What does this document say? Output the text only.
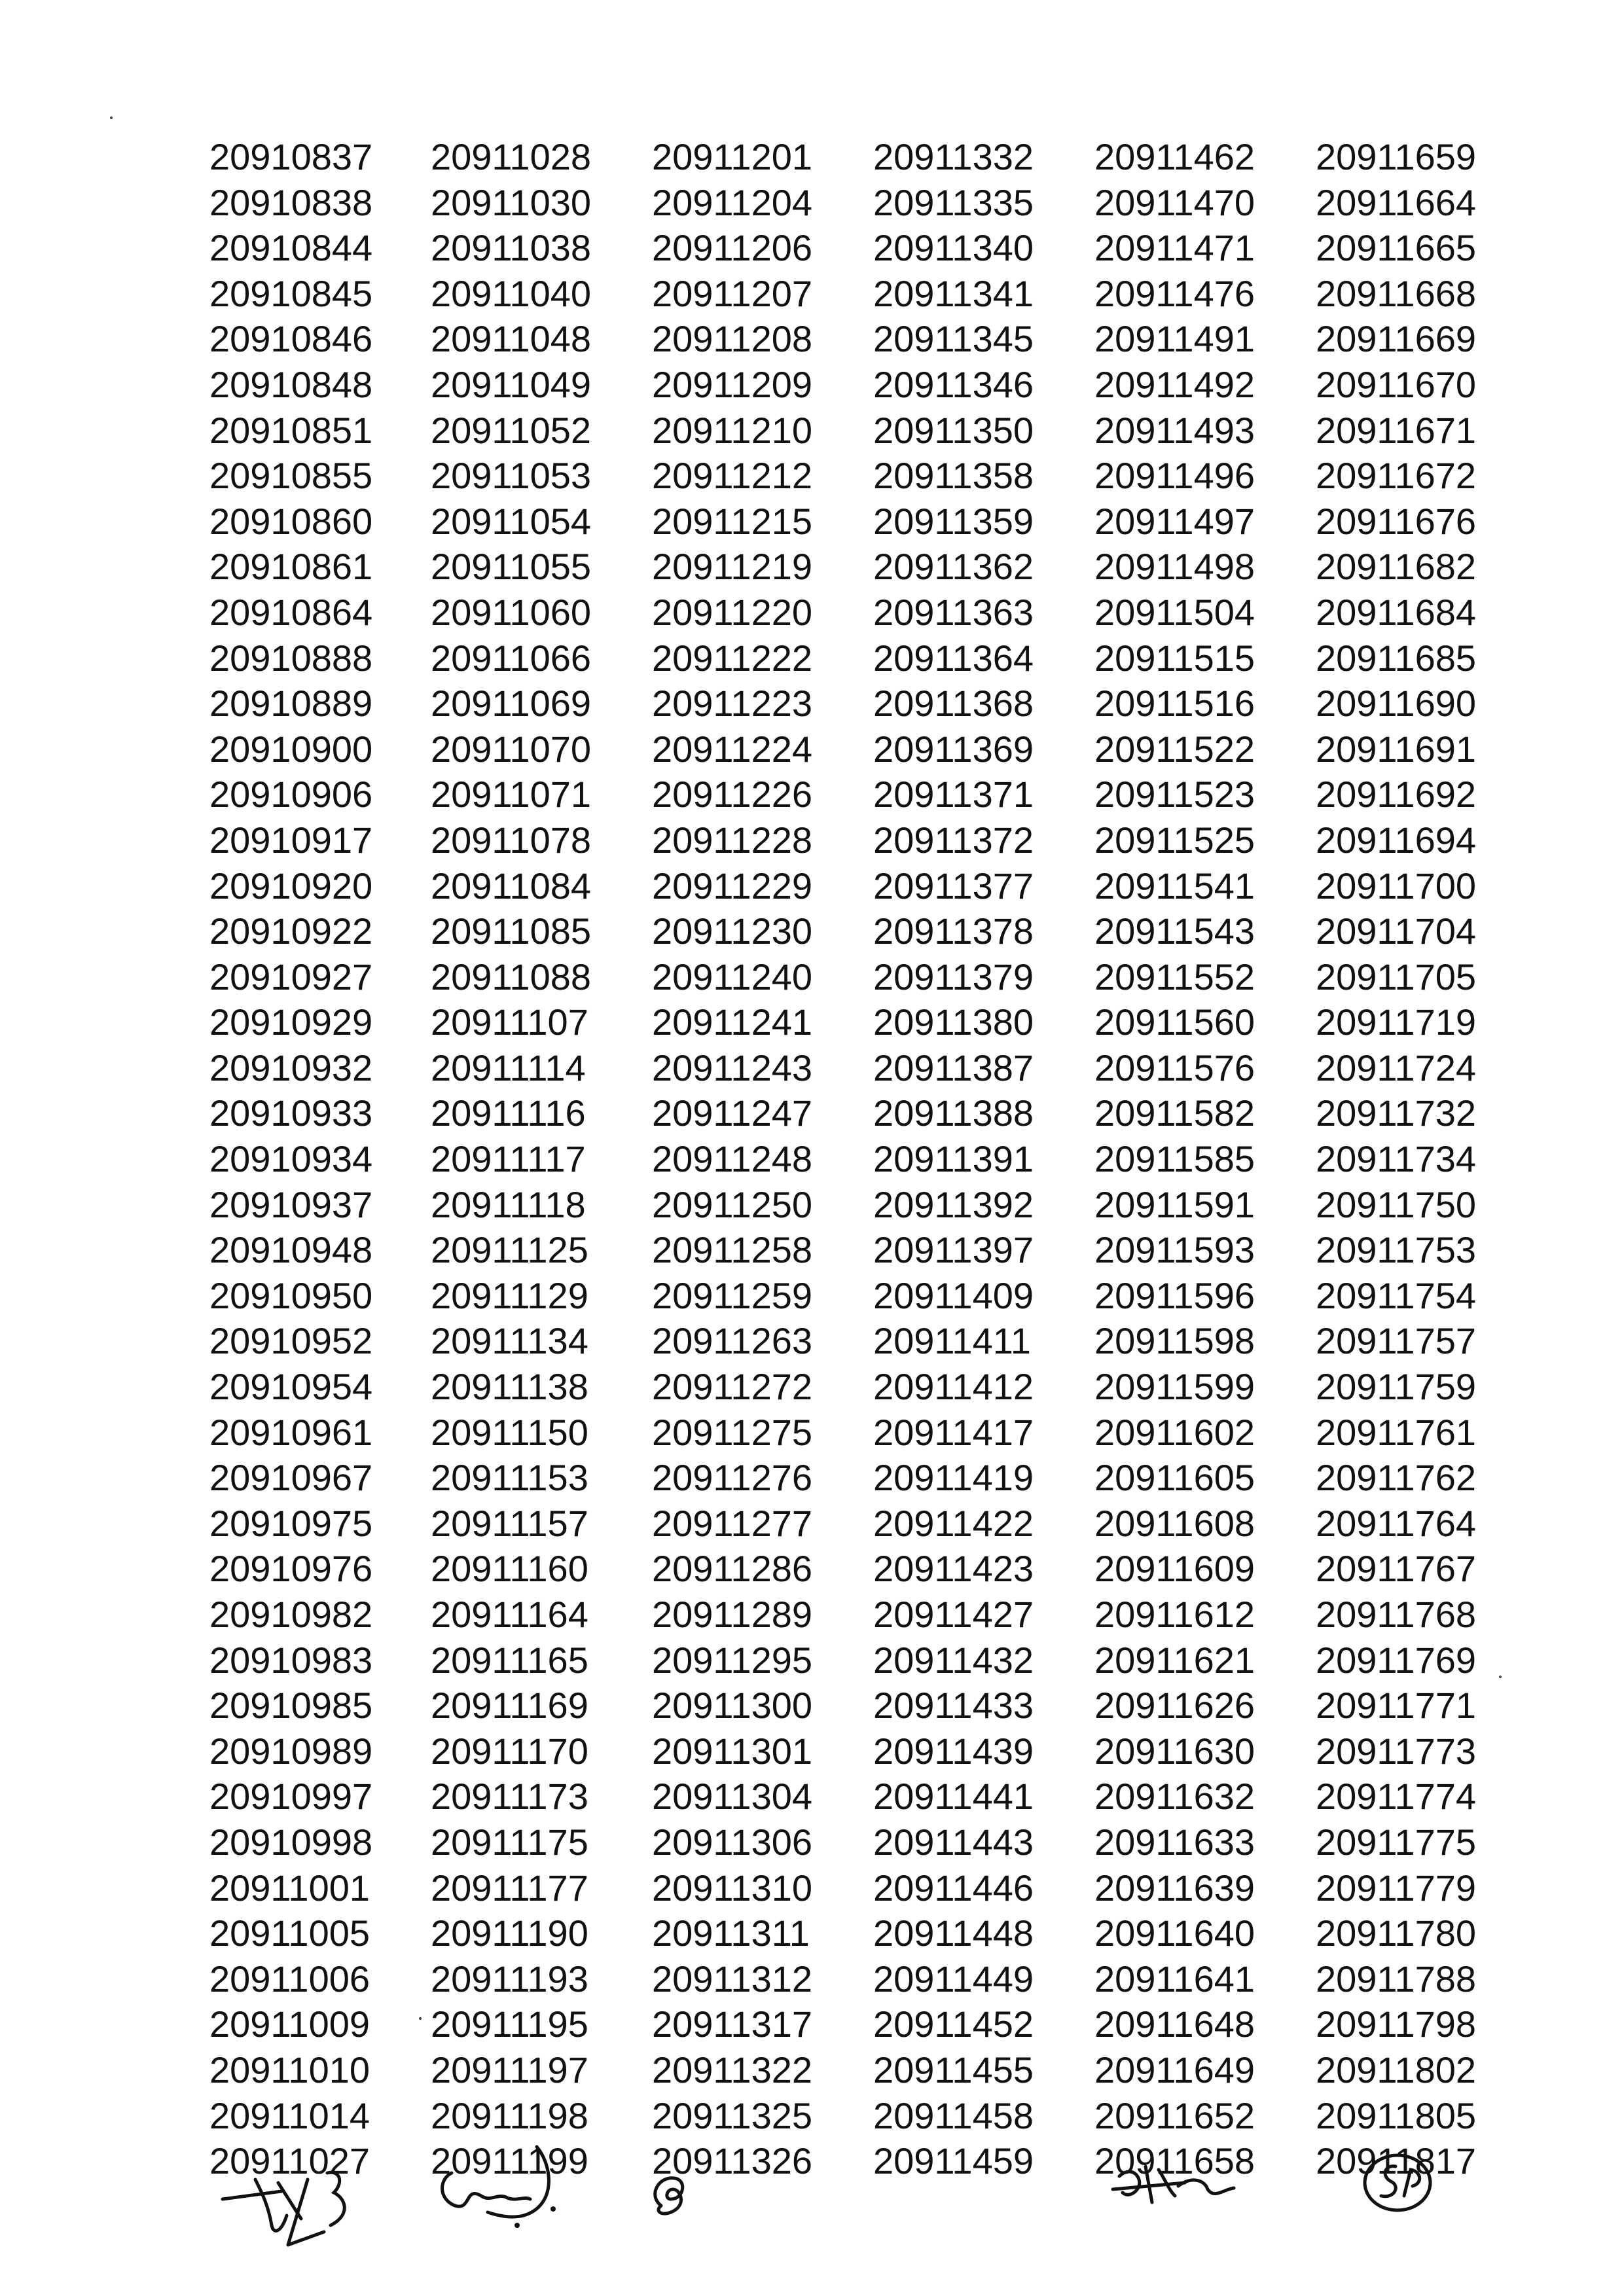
20910837
20910838
20910844
20910845
20910846
20910848
20910851
20910855
20910860
20910861
20910864
20910888
20910889
20910900
20910906
20910917
20910920
20910922
20910927
20910929
20910932
20910933
20910934
20910937
20910948
20910950
20910952
20910954
20910961
20910967
20910975
20910976
20910982
20910983
20910985
20910989
20910997
20910998
20911001
20911005
20911006
20911009
20911010
20911014
20911027
20911028
20911030
20911038
20911040
20911048
20911049
20911052
20911053
20911054
20911055
20911060
20911066
20911069
20911070
20911071
20911078
20911084
20911085
20911088
20911107
20911114
20911116
20911117
20911118
20911125
20911129
20911134
20911138
20911150
20911153
20911157
20911160
20911164
20911165
20911169
20911170
20911173
20911175
20911177
20911190
20911193
20911195
20911197
20911198
20911199
20911201
20911204
20911206
20911207
20911208
20911209
20911210
20911212
20911215
20911219
20911220
20911222
20911223
20911224
20911226
20911228
20911229
20911230
20911240
20911241
20911243
20911247
20911248
20911250
20911258
20911259
20911263
20911272
20911275
20911276
20911277
20911286
20911289
20911295
20911300
20911301
20911304
20911306
20911310
20911311
20911312
20911317
20911322
20911325
20911326
20911332
20911335
20911340
20911341
20911345
20911346
20911350
20911358
20911359
20911362
20911363
20911364
20911368
20911369
20911371
20911372
20911377
20911378
20911379
20911380
20911387
20911388
20911391
20911392
20911397
20911409
20911411
20911412
20911417
20911419
20911422
20911423
20911427
20911432
20911433
20911439
20911441
20911443
20911446
20911448
20911449
20911452
20911455
20911458
20911459
20911462
20911470
20911471
20911476
20911491
20911492
20911493
20911496
20911497
20911498
20911504
20911515
20911516
20911522
20911523
20911525
20911541
20911543
20911552
20911560
20911576
20911582
20911585
20911591
20911593
20911596
20911598
20911599
20911602
20911605
20911608
20911609
20911612
20911621
20911626
20911630
20911632
20911633
20911639
20911640
20911641
20911648
20911649
20911652
20911658
20911659
20911664
20911665
20911668
20911669
20911670
20911671
20911672
20911676
20911682
20911684
20911685
20911690
20911691
20911692
20911694
20911700
20911704
20911705
20911719
20911724
20911732
20911734
20911750
20911753
20911754
20911757
20911759
20911761
20911762
20911764
20911767
20911768
20911769
20911771
20911773
20911774
20911775
20911779
20911780
20911788
20911798
20911802
20911805
20911817
